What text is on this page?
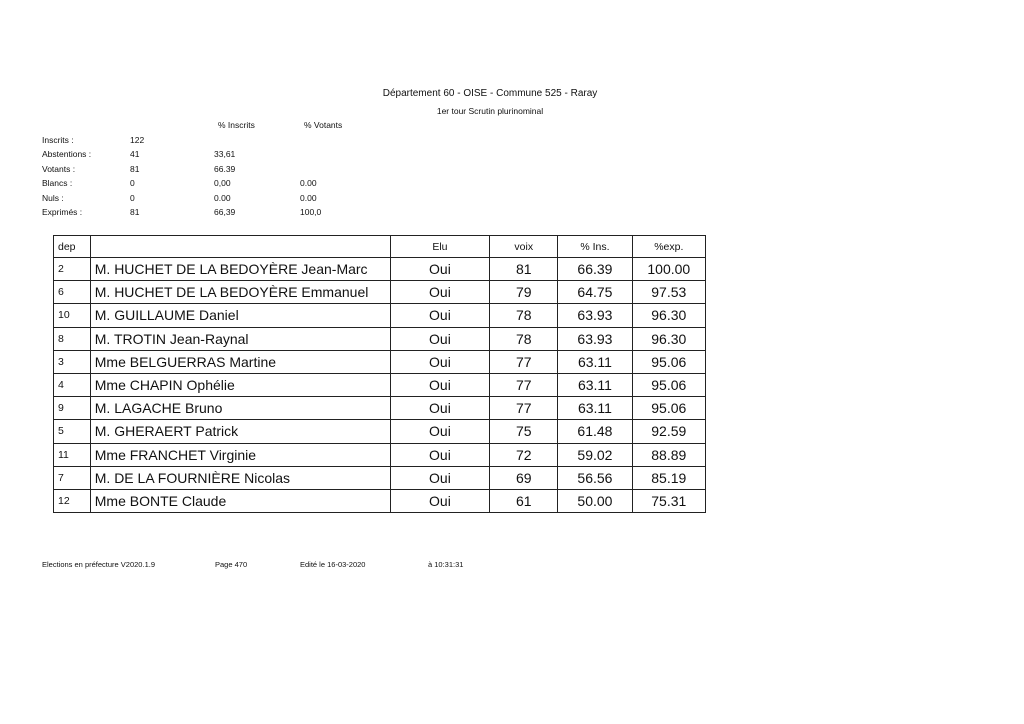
Département 60 - OISE - Commune 525 - Raray
1er tour Scrutin plurinominal
% Inscrits	% Votants
Inscrits :	122
Abstentions :	41	33,61
Votants :	81	66.39
Blancs :	0	0,00	0.00
Nuls :	0	0.00	0.00
Exprimés :	81	66,39	100,0
dep		Elu	voix	% Ins.	%exp.
2	M. HUCHET DE LA BEDOYÈRE Jean-Marc	Oui	81	66.39	100.00
6	M. HUCHET DE LA BEDOYÈRE Emmanuel	Oui	79	64.75	97.53
10	M. GUILLAUME Daniel	Oui	78	63.93	96.30
8	M. TROTIN Jean-Raynal	Oui	78	63.93	96.30
3	Mme BELGUERRAS Martine	Oui	77	63.11	95.06
4	Mme CHAPIN Ophélie	Oui	77	63.11	95.06
9	M. LAGACHE Bruno	Oui	77	63.11	95.06
5	M. GHERAERT Patrick	Oui	75	61.48	92.59
11	Mme FRANCHET Virginie	Oui	72	59.02	88.89
7	M. DE LA FOURNIÈRE Nicolas	Oui	69	56.56	85.19
12	Mme BONTE Claude	Oui	61	50.00	75.31
Elections en préfecture V2020.1.9	Page 470	Edité le 16-03-2020	à 10:31:31
